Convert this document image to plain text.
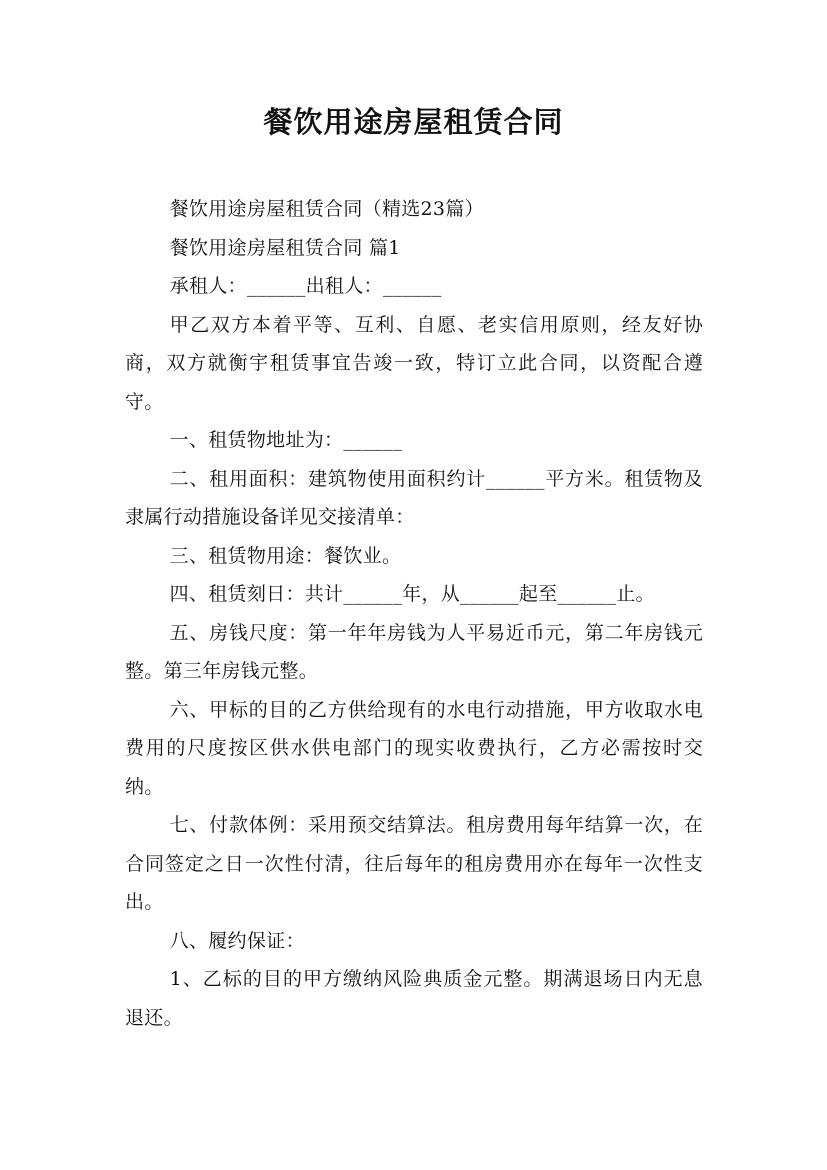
餐饮用途房屋租赁合同

餐饮用途房屋租赁合同（精选23篇）

餐饮用途房屋租赁合同 篇1

承租人：______出租人：______

甲乙双方本着平等、互利、自愿、老实信用原则，经友好协商，双方就衡宇租赁事宜告竣一致，特订立此合同，以资配合遵守。

一、租赁物地址为：______

二、租用面积：建筑物使用面积约计______平方米。租赁物及隶属行动措施设备详见交接清单：

三、租赁物用途：餐饮业。

四、租赁刻日：共计______年，从______起至______止。

五、房钱尺度：第一年年房钱为人平易近币元，第二年房钱元整。第三年房钱元整。

六、甲标的目的乙方供给现有的水电行动措施，甲方收取水电费用的尺度按区供水供电部门的现实收费执行，乙方必需按时交纳。

七、付款体例：采用预交结算法。租房费用每年结算一次，在合同签定之日一次性付清，往后每年的租房费用亦在每年一次性支出。

八、履约保证：

1、乙标的目的甲方缴纳风险典质金元整。期满退场日内无息退还。
